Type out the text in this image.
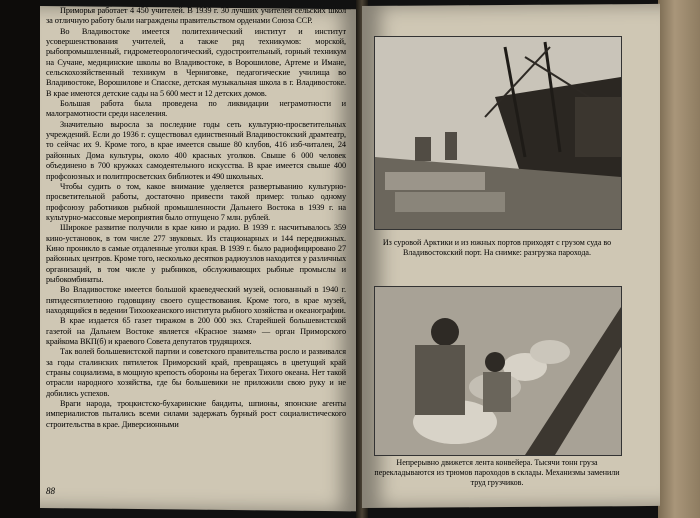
Приморья работает 4 450 учителей. В 1939 г. 30 лучших учителей сельских школ за отличную работу были награждены правительством орденами Союза ССР.

Во Владивостоке имеется политехнический институт и институт усовершенствования учителей, а также ряд техникумов: морской, рыбопромышленный, гидрометеорологический, судостроительный, горный техникум на Сучане, медицинские школы во Владивостоке, в Ворошилове, Артеме и Имане, сельскохозяйственный техникум в Черниговке, педагогические училища во Владивостоке, Ворошилове и Спасске, детская музыкальная школа в г. Владивостоке. В крае имеются детские сады на 5 600 мест и 12 детских домов.

Большая работа была проведена по ликвидации неграмотности и малограмотности среди населения.

Значительно выросла за последние годы сеть культурно-просветительных учреждений. Если до 1936 г. существовал единственный Владивостокский драмтеатр, то сейчас их 9. Кроме того, в крае имеется свыше 80 клубов, 416 изб-читален, 24 районных Дома культуры, около 400 красных уголков. Свыше 6 000 человек объединено в 700 кружках самодеятельного искусства. В крае имеется свыше 400 профсоюзных и политпросветских библиотек и 490 школьных.

Чтобы судить о том, какое внимание уделяется развертыванию культурно-просветительной работы, достаточно привести такой пример: только одному профсоюзу работников рыбной промышленности Дальнего Востока в 1939 г. на культурно-массовые мероприятия было отпущено 7 млн. рублей.

Широкое развитие получили в крае кино и радио. В 1939 г. насчитывалось 359 кино-установок, в том числе 277 звуковых. Из стационарных и 144 передвижных. Кино проникло в самые отдаленные уголки края. В 1939 г. было радиофицировано 27 районных центров. Кроме того, несколько десятков радиоузлов находится у различных организаций, в том числе у рыбников, обслуживающих рыбные промыслы и рыбокомбинаты.

Во Владивостоке имеется большой краеведческий музей, основанный в 1940 г. пятидесятилетнюю годовщину своего существования. Кроме того, в крае музей, находящийся в ведении Тихоокеанского института рыбного хозяйства и океанографии.

В крае издается 65 газет тиражом в 200 000 экз. Старейшей большевистской газетой на Дальнем Востоке является «Красное знамя» — орган Приморского крайкома ВКП(б) и краевого Совета депутатов трудящихся.

Так волей большевистской партии и советского правительства росло и развивался за годы сталинских пятилеток Приморский край, превращаясь в цветущий край страны социализма, в мощную крепость обороны на берегах Тихого океана. Нет такой отрасли народного хозяйства, где бы большевики не приложили свою руку и не добились успехов.

Враги народа, троцкистско-бухаринские бандиты, шпионы, японские агенты империалистов пытались всеми силами задержать бурный рост социалистического строительства в крае. Диверсионными

88
Из суровой Арктики и из южных портов приходят с грузом суда во Владивостокский порт. На снимке: разгрузка парохода.
Непрерывно движется лента конвейера. Тысячи тонн груза перекладываются из трюмов пароходов в склады. Механизмы заменили труд грузчиков.
